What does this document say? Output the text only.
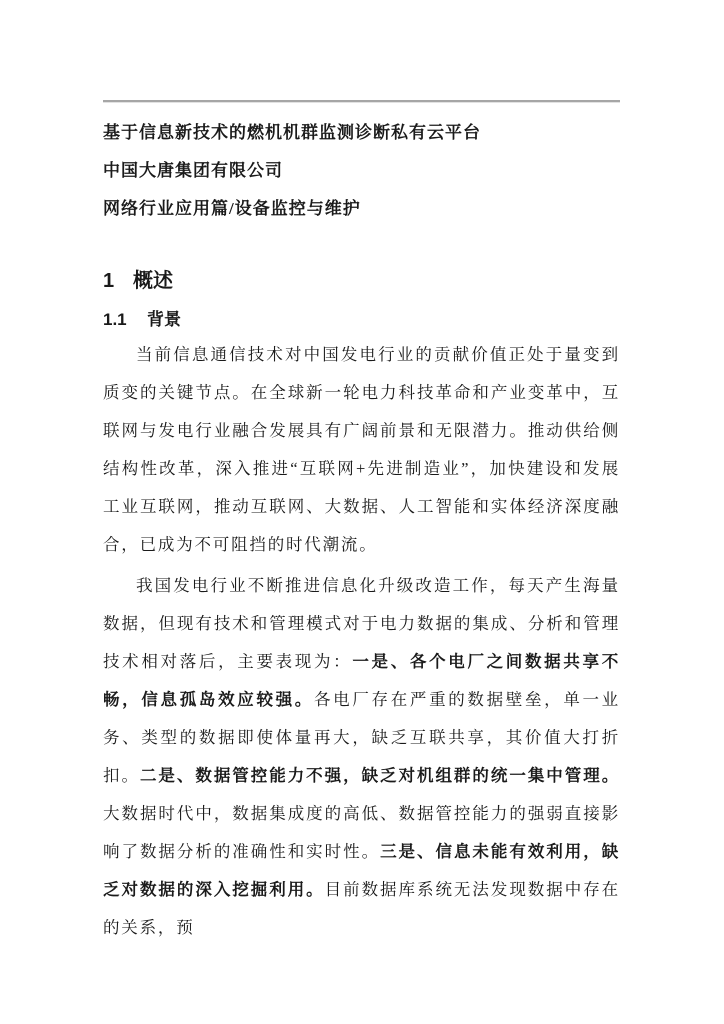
基于信息新技术的燃机机群监测诊断私有云平台
中国大唐集团有限公司
网络行业应用篇/设备监控与维护
1 概述
1.1 背景

当前信息通信技术对中国发电行业的贡献价值正处于量变到质变的关键节点。在全球新一轮电力科技革命和产业变革中，互联网与发电行业融合发展具有广阔前景和无限潜力。推动供给侧结构性改革，深入推进“互联网+先进制造业”，加快建设和发展工业互联网，推动互联网、大数据、人工智能和实体经济深度融合，已成为不可阻挡的时代潮流。

我国发电行业不断推进信息化升级改造工作，每天产生海量数据，但现有技术和管理模式对于电力数据的集成、分析和管理技术相对落后，主要表现为：一是、各个电厂之间数据共享不畅，信息孤岛效应较强。各电厂存在严重的数据壁垒，单一业务、类型的数据即使体量再大，缺乏互联共享，其价值大打折扣。二是、数据管控能力不强，缺乏对机组群的统一集中管理。大数据时代中，数据集成度的高低、数据管控能力的强弱直接影响了数据分析的准确性和实时性。三是、信息未能有效利用，缺乏对数据的深入挖掘利用。目前数据库系统无法发现数据中存在的关系，预
